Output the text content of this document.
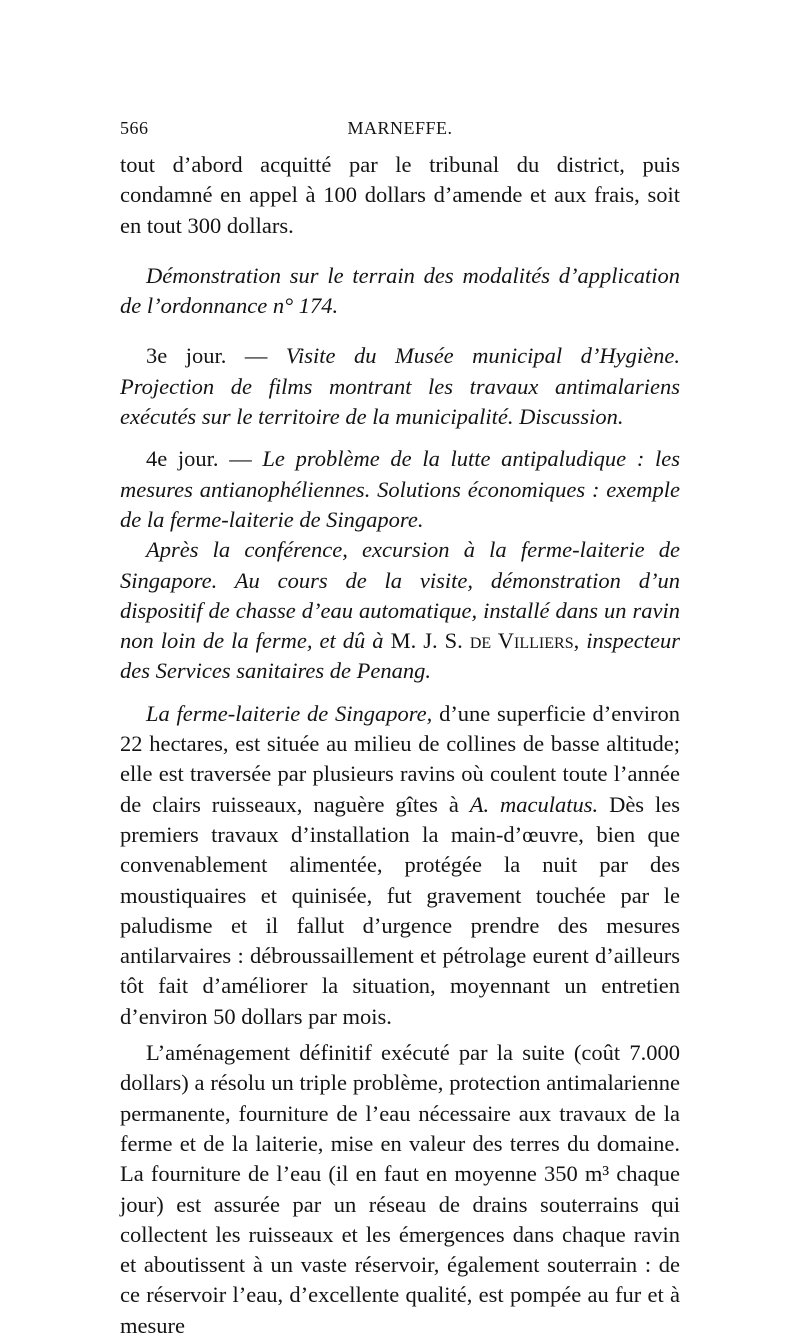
566	MARNEFFE.

tout d’abord acquitté par le tribunal du district, puis condamné en appel à 100 dollars d’amende et aux frais, soit en tout 300 dollars.

Démonstration sur le terrain des modalités d’application de l’ordonnance n° 174.

3e jour. — Visite du Musée municipal d’Hygiène. Projection de films montrant les travaux antimalariens exécutés sur le territoire de la municipalité. Discussion.

4e jour. — Le problème de la lutte antipaludique : les mesures antianophéliennes. Solutions économiques : exemple de la ferme-laiterie de Singapore.

Après la conférence, excursion à la ferme-laiterie de Singapore. Au cours de la visite, démonstration d’un dispositif de chasse d’eau automatique, installé dans un ravin non loin de la ferme, et dû à M. J. S. de Villiers, inspecteur des Services sanitaires de Penang.

La ferme-laiterie de Singapore, d’une superficie d’environ 22 hectares, est située au milieu de collines de basse altitude; elle est traversée par plusieurs ravins où coulent toute l’année de clairs ruisseaux, naguère gîtes à A. maculatus. Dès les premiers travaux d’installation la main-d’œuvre, bien que convenablement alimentée, protégée la nuit par des moustiquaires et quinisée, fut gravement touchée par le paludisme et il fallut d’urgence prendre des mesures antilarvaires : débroussaillement et pétrolage eurent d’ailleurs tôt fait d’améliorer la situation, moyennant un entretien d’environ 50 dollars par mois.

L’aménagement définitif exécuté par la suite (coût 7.000 dollars) a résolu un triple problème, protection antimalarienne permanente, fourniture de l’eau nécessaire aux travaux de la ferme et de la laiterie, mise en valeur des terres du domaine. La fourniture de l’eau (il en faut en moyenne 350 m³ chaque jour) est assurée par un réseau de drains souterrains qui collectent les ruisseaux et les émergences dans chaque ravin et aboutissent à un vaste réservoir, également souterrain : de ce réservoir l’eau, d’excellente qualité, est pompée au fur et à mesure
